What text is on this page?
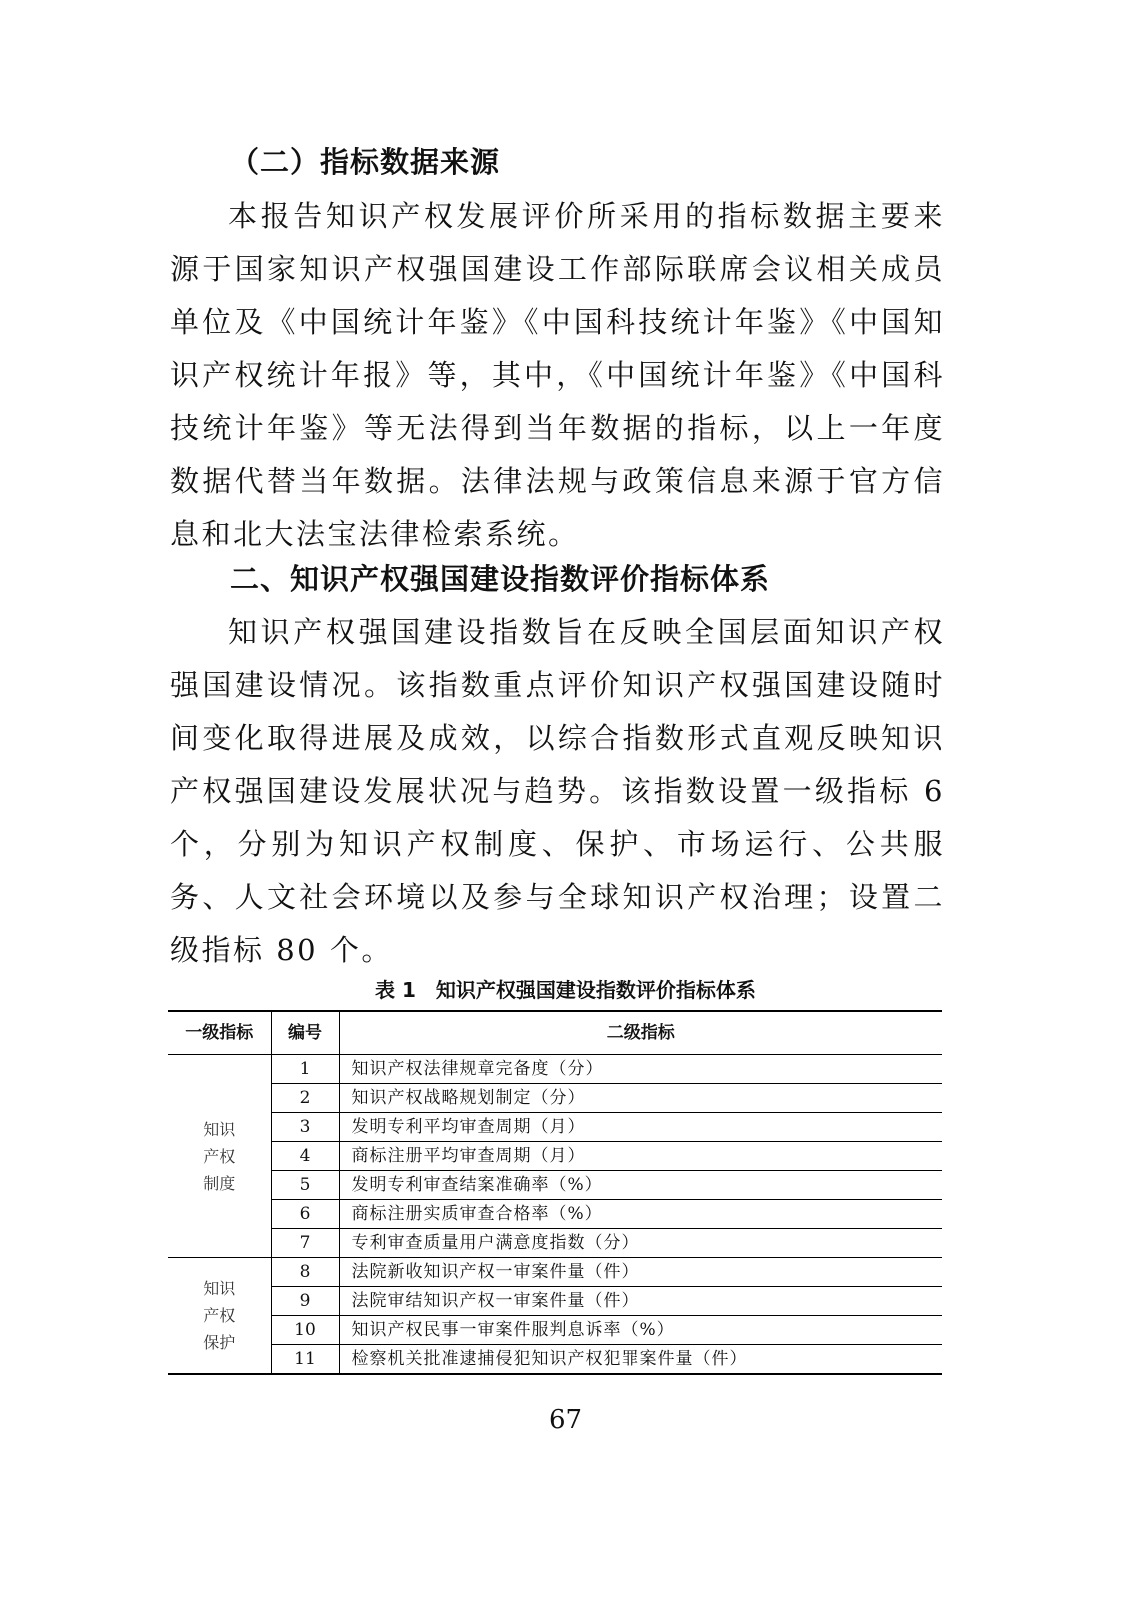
（二）指标数据来源

本报告知识产权发展评价所采用的指标数据主要来源于国家知识产权强国建设工作部际联席会议相关成员单位及《中国统计年鉴》《中国科技统计年鉴》《中国知识产权统计年报》等，其中，《中国统计年鉴》《中国科技统计年鉴》等无法得到当年数据的指标，以上一年度数据代替当年数据。法律法规与政策信息来源于官方信息和北大法宝法律检索系统。

二、知识产权强国建设指数评价指标体系

知识产权强国建设指数旨在反映全国层面知识产权强国建设情况。该指数重点评价知识产权强国建设随时间变化取得进展及成效，以综合指数形式直观反映知识产权强国建设发展状况与趋势。该指数设置一级指标 6 个，分别为知识产权制度、保护、市场运行、公共服务、人文社会环境以及参与全球知识产权治理；设置二级指标 80 个。

表 1　知识产权强国建设指数评价指标体系
一级指标	编号	二级指标

知识
产权
制度	1	知识产权法律规章完备度（分）
	2	知识产权战略规划制定（分）
	3	发明专利平均审查周期（月）
	4	商标注册平均审查周期（月）
	5	发明专利审查结案准确率（%）
	6	商标注册实质审查合格率（%）
	7	专利审查质量用户满意度指数（分）

知识
产权
保护	8	法院新收知识产权一审案件量（件）
	9	法院审结知识产权一审案件量（件）
	10	知识产权民事一审案件服判息诉率（%）
	11	检察机关批准逮捕侵犯知识产权犯罪案件量（件）
67
